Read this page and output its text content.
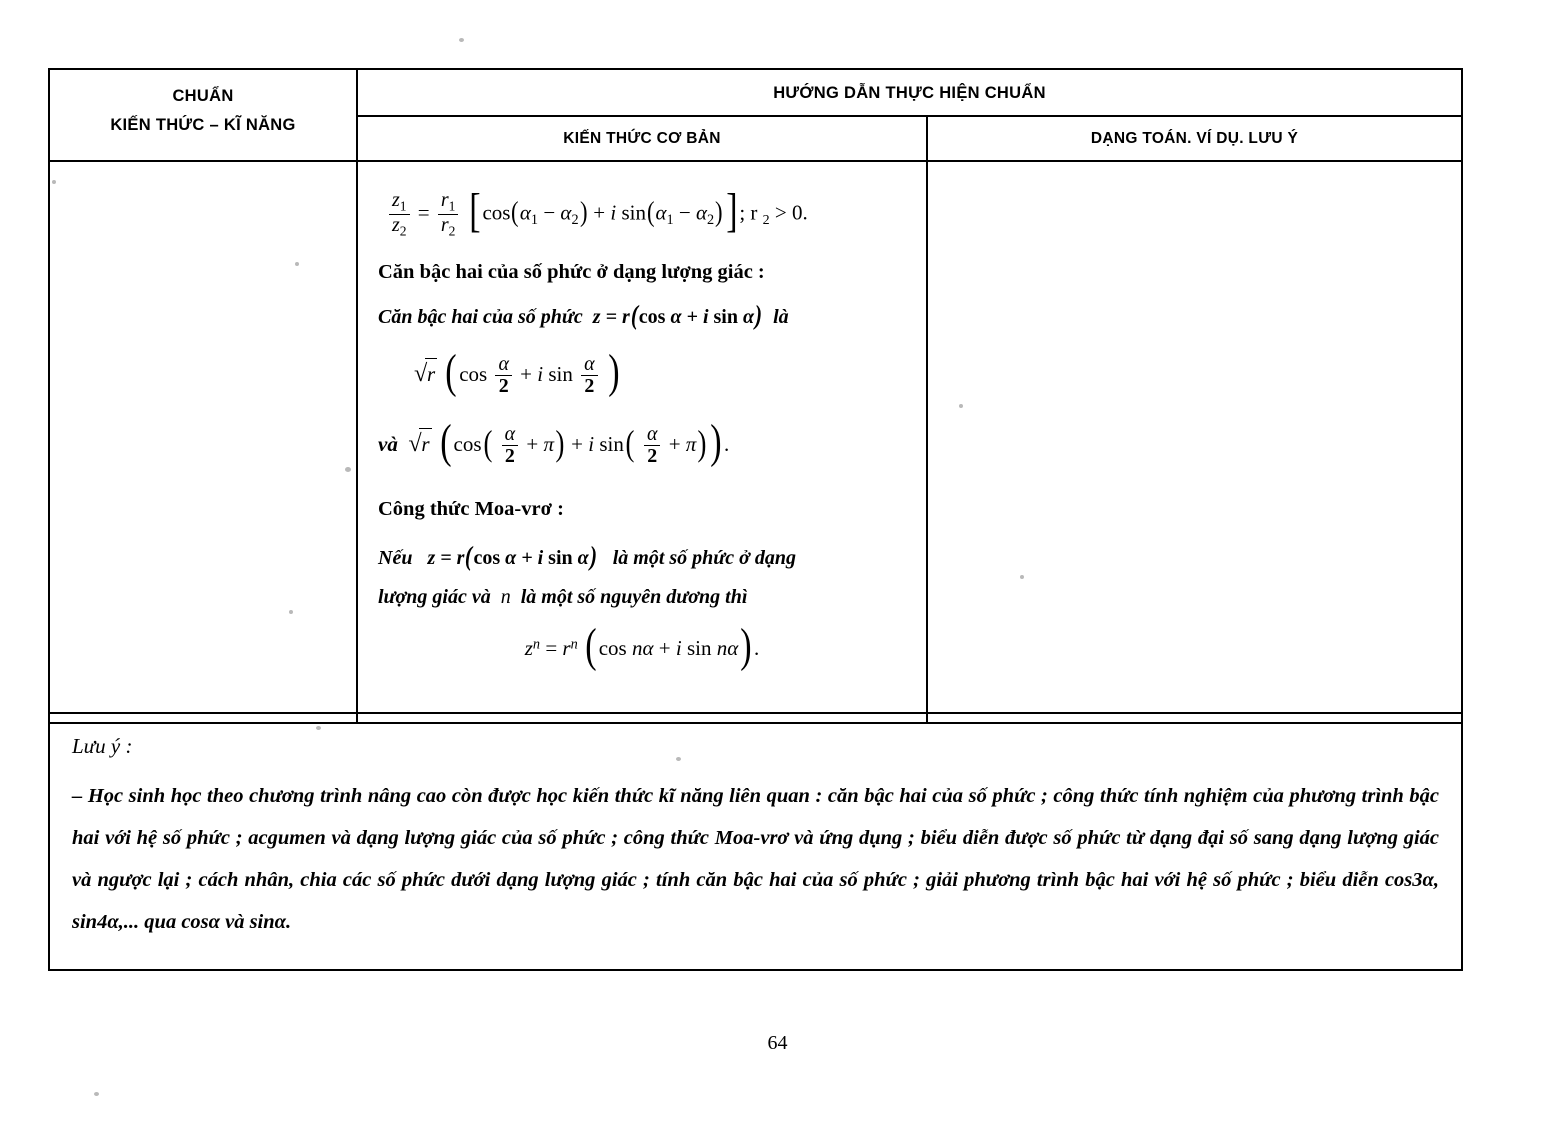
CHUẨN
KIẾN THỨC – KĨ NĂNG
HƯỚNG DẪN THỰC HIỆN CHUẨN
KIẾN THỨC CƠ BẢN	DẠNG TOÁN. VÍ DỤ. LƯU Ý
$\frac{z_1}{z_2} = \frac{r_1}{r_2}$ [ $\cos(\alpha_1 - \alpha_2) + i$ $\sin(\alpha_1 - \alpha_2)$] ; r $_2$ > 0.
Căn bậc hai của số phức ở dạng lượng giác :
Căn bậc hai của số phức z = r(cos α + i sin α) là
√ r ( $\cos \frac{\alpha}{2} + i$ $\sin \frac{\alpha}{2}$ )
và √ r ( $\cos( \frac{\alpha}{2} + \pi) + i$ $\sin( \frac{\alpha}{2} + \pi)$) .
Công thức Moa-vrơ :
Nếu z = r(cos α + i sin α) là một số phức ở dạng
lượng giác và n là một số nguyên dương thì
$z^n = r^n$ ( cos nα + i sin nα) .
Lưu ý :
– Học sinh học theo chương trình nâng cao còn được học kiến thức kĩ năng liên quan : căn bậc hai của số phức ; công thức tính nghiệm của phương trình bậc hai với hệ số phức ; acgumen và dạng lượng giác của số phức ; công thức Moa-vrơ và ứng dụng ; biểu diễn được số phức từ dạng đại số sang dạng lượng giác và ngược lại ; cách nhân, chia các số phức dưới dạng lượng giác ; tính căn bậc hai của số phức ; giải phương trình bậc hai với hệ số phức ; biểu diễn cos3α, sin4α,... qua cosα và sinα.
64
